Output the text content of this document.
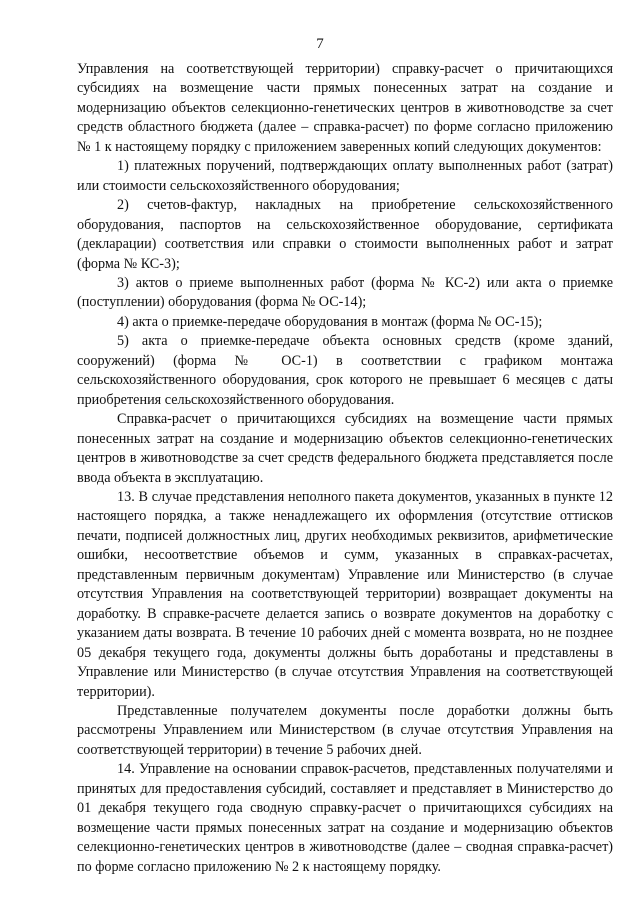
7

Управления на соответствующей территории) справку-расчет о причитающихся субсидиях на возмещение части прямых понесенных затрат на создание и модернизацию объектов селекционно-генетических центров в животноводстве за счет средств областного бюджета (далее – справка-расчет) по форме согласно приложению № 1 к настоящему порядку с приложением заверенных копий следующих документов:

1) платежных поручений, подтверждающих оплату выполненных работ (затрат) или стоимости сельскохозяйственного оборудования;

2) счетов-фактур, накладных на приобретение сельскохозяйственного оборудования, паспортов на сельскохозяйственное оборудование, сертификата (декларации) соответствия или справки о стоимости выполненных работ и затрат (форма № КС-3);

3) актов о приеме выполненных работ (форма № КС-2) или акта о приемке (поступлении) оборудования (форма № ОС-14);

4) акта о приемке-передаче оборудования в монтаж (форма № ОС-15);

5) акта о приемке-передаче объекта основных средств (кроме зданий, сооружений) (форма № ОС-1) в соответствии с графиком монтажа сельскохозяйственного оборудования, срок которого не превышает 6 месяцев с даты приобретения сельскохозяйственного оборудования.

Справка-расчет о причитающихся субсидиях на возмещение части прямых понесенных затрат на создание и модернизацию объектов селекционно-генетических центров в животноводстве за счет средств федерального бюджета представляется после ввода объекта в эксплуатацию.

13. В случае представления неполного пакета документов, указанных в пункте 12 настоящего порядка, а также ненадлежащего их оформления (отсутствие оттисков печати, подписей должностных лиц, других необходимых реквизитов, арифметические ошибки, несоответствие объемов и сумм, указанных в справках-расчетах, представленным первичным документам) Управление или Министерство (в случае отсутствия Управления на соответствующей территории) возвращает документы на доработку. В справке-расчете делается запись о возврате документов на доработку с указанием даты возврата. В течение 10 рабочих дней с момента возврата, но не позднее 05 декабря текущего года, документы должны быть доработаны и представлены в Управление или Министерство (в случае отсутствия Управления на соответствующей территории).

Представленные получателем документы после доработки должны быть рассмотрены Управлением или Министерством (в случае отсутствия Управления на соответствующей территории) в течение 5 рабочих дней.

14. Управление на основании справок-расчетов, представленных получателями и принятых для предоставления субсидий, составляет и представляет в Министерство до 01 декабря текущего года сводную справку-расчет о причитающихся субсидиях на возмещение части прямых понесенных затрат на создание и модернизацию объектов селекционно-генетических центров в животноводстве (далее – сводная справка-расчет) по форме согласно приложению № 2 к настоящему порядку.
